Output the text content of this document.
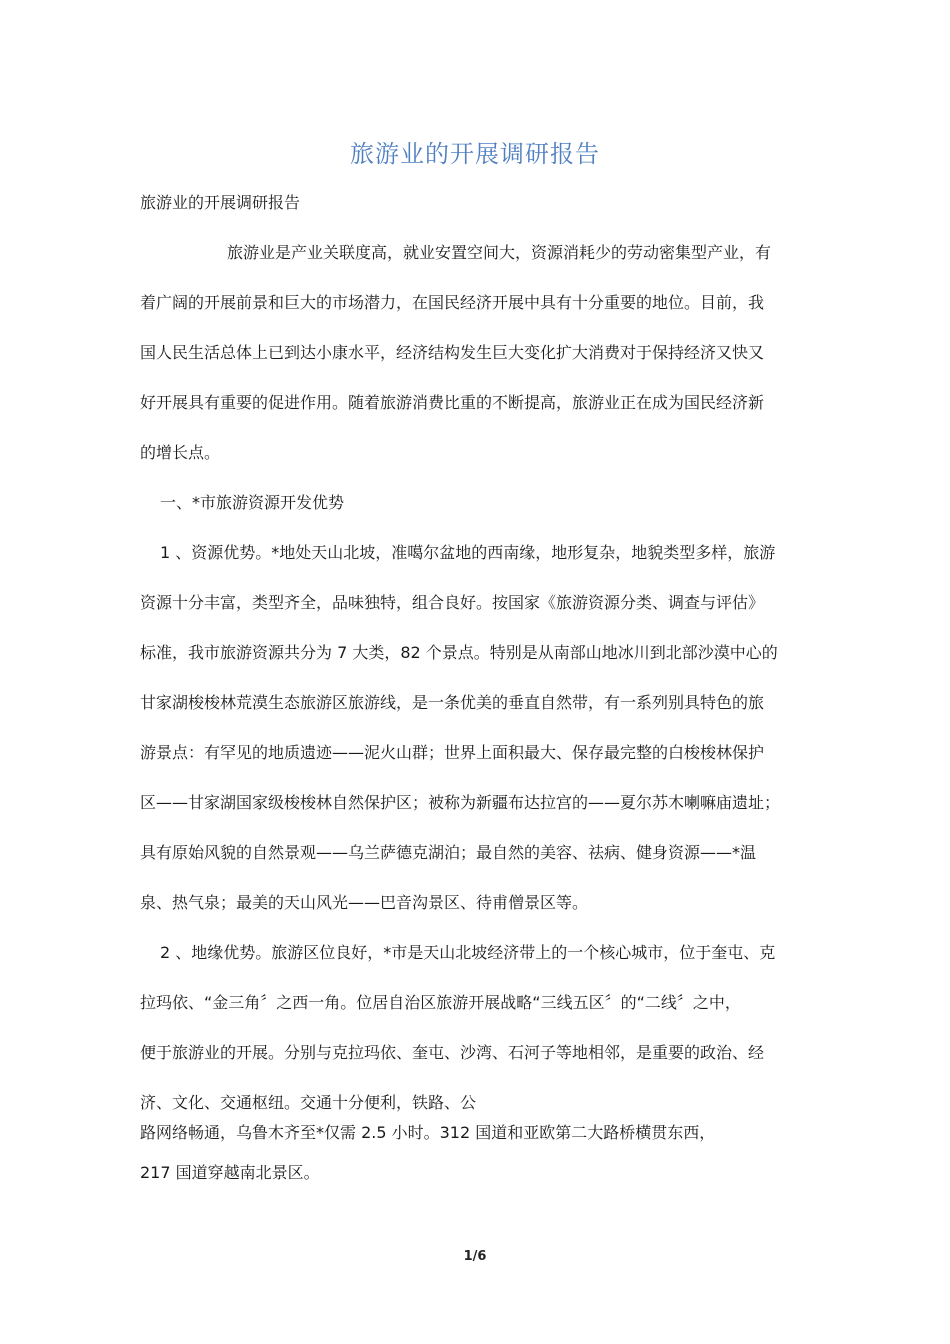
旅游业的开展调研报告

旅游业的开展调研报告

旅游业是产业关联度高，就业安置空间大，资源消耗少的劳动密集型产业，有

着广阔的开展前景和巨大的市场潜力，在国民经济开展中具有十分重要的地位。目前，我

国人民生活总体上已到达小康水平，经济结构发生巨大变化扩大消费对于保持经济又快又

好开展具有重要的促进作用。随着旅游消费比重的不断提高，旅游业正在成为国民经济新

的增长点。

一、*市旅游资源开发优势

1 、资源优势。*地处天山北坡，准噶尔盆地的西南缘，地形复杂，地貌类型多样，旅游

资源十分丰富，类型齐全，品味独特，组合良好。按国家《旅游资源分类、调查与评估》

标准，我市旅游资源共分为 7 大类，82 个景点。特别是从南部山地冰川到北部沙漠中心的

甘家湖梭梭林荒漠生态旅游区旅游线，是一条优美的垂直自然带，有一系列别具特色的旅

游景点：有罕见的地质遗迹——泥火山群；世界上面积最大、保存最完整的白梭梭林保护

区——甘家湖国家级梭梭林自然保护区；被称为新疆布达拉宫的——夏尔苏木喇嘛庙遗址；

具有原始风貌的自然景观——乌兰萨德克湖泊；最自然的美容、祛病、健身资源——*温

泉、热气泉；最美的天山风光——巴音沟景区、待甫僧景区等。

2 、地缘优势。旅游区位良好，*市是天山北坡经济带上的一个核心城市，位于奎屯、克

拉玛依、“金三角〞之西一角。位居自治区旅游开展战略“三线五区〞的“二线〞之中，

便于旅游业的开展。分别与克拉玛依、奎屯、沙湾、石河子等地相邻，是重要的政治、经

济、文化、交通枢纽。交通十分便利，铁路、公

路网络畅通，乌鲁木齐至*仅需 2.5 小时。312 国道和亚欧第二大路桥横贯东西，

217 国道穿越南北景区。

1/6
